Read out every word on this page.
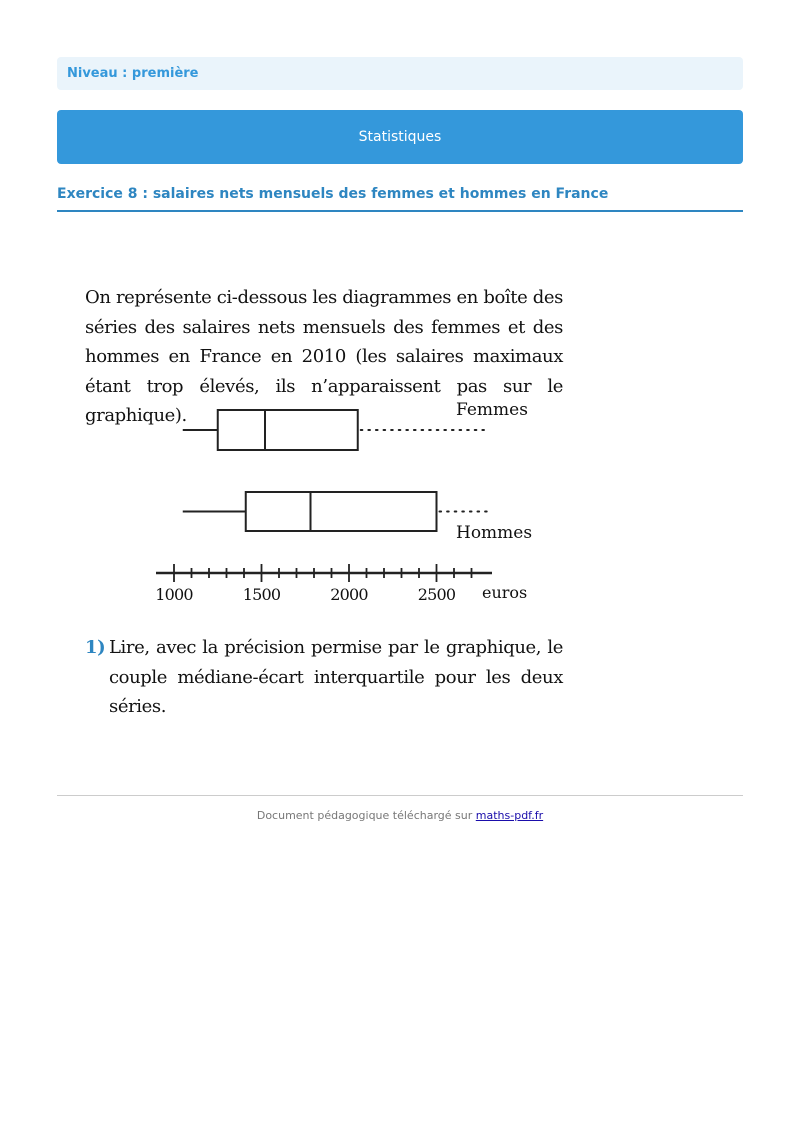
Niveau : première
Statistiques
Exercice 8 : salaires nets mensuels des femmes et hommes en France
On représente ci-dessous les diagrammes en boîte des séries des salaires nets mensuels des femmes et des hommes en France en 2010 (les salaires maximaux étant trop élevés, ils n’apparaissent pas sur le graphique).	Femmes
Hommes
1000	1500	2000	2500 euros
1) Lire, avec la précision permise par le graphique, le couple médiane-écart interquartile pour les deux séries.
Document pédagogique téléchargé sur maths-pdf.fr
